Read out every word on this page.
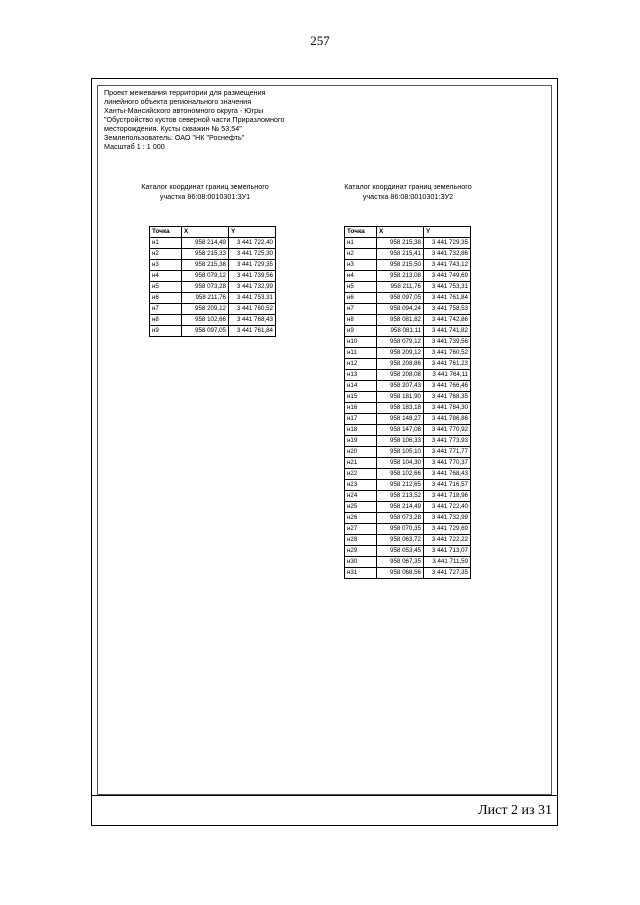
257
Проект межевания территории для размещения
линейного объекта регионального значения
Ханты-Мансийского автономного округа - Югры
"Обустройство кустов северной части Приразломного
месторождения. Кусты скважин № 53,54"
Землепользователь: ОАО "НК "Роснефть"
Масштаб 1 : 1 000
Каталог координат границ земельного
участка 86:08:0010301:ЗУ1
Каталог координат границ земельного
участка 86:08:0010301:ЗУ2
Точка	X	Y
н1	958 214,49	3 441 722,40
н2	958 215,33	3 441 725,30
н3	958 215,38	3 441 729,35
н4	958 079,12	3 441 739,56
н5	958 073,28	3 441 732,99
н6	958 211,76	3 441 753,31
н7	958 209,12	3 441 760,52
н8	958 102,66	3 441 768,43
н9	958 097,05	3 441 761,84
Точка	X	Y
н1	958 215,38	3 441 729,35
н2	958 215,41	3 441 732,86
н3	958 215,50	3 441 743,12
н4	958 213,08	3 441 749,69
н5	958 211,76	3 441 753,31
н6	958 097,05	3 441 761,84
н7	958 094,24	3 441 758,53
н8	958 081,82	3 441 742,86
н9	958 081,11	3 441 741,82
н10	958 079,12	3 441 739,56
н11	958 209,12	3 441 760,52
н12	958 208,86	3 441 761,23
н13	958 208,08	3 441 764,11
н14	958 207,43	3 441 766,46
н15	958 181,90	3 441 768,35
н16	958 183,18	3 441 784,30
н17	958 148,27	3 441 786,86
н18	958 147,08	3 441 770,92
н19	958 106,33	3 441 773,93
н20	958 105,10	3 441 771,77
н21	958 104,30	3 441 770,37
н22	958 102,66	3 441 768,43
н23	958 212,65	3 441 716,57
н24	958 213,52	3 441 718,96
н25	958 214,49	3 441 722,40
н26	958 073,28	3 441 732,99
н27	958 070,35	3 441 729,69
н28	958 063,72	3 441 722,22
н29	958 053,45	3 441 713,07
н30	958 067,35	3 441 711,59
н31	958 068,56	3 441 727,35
Лист 2 из 31
